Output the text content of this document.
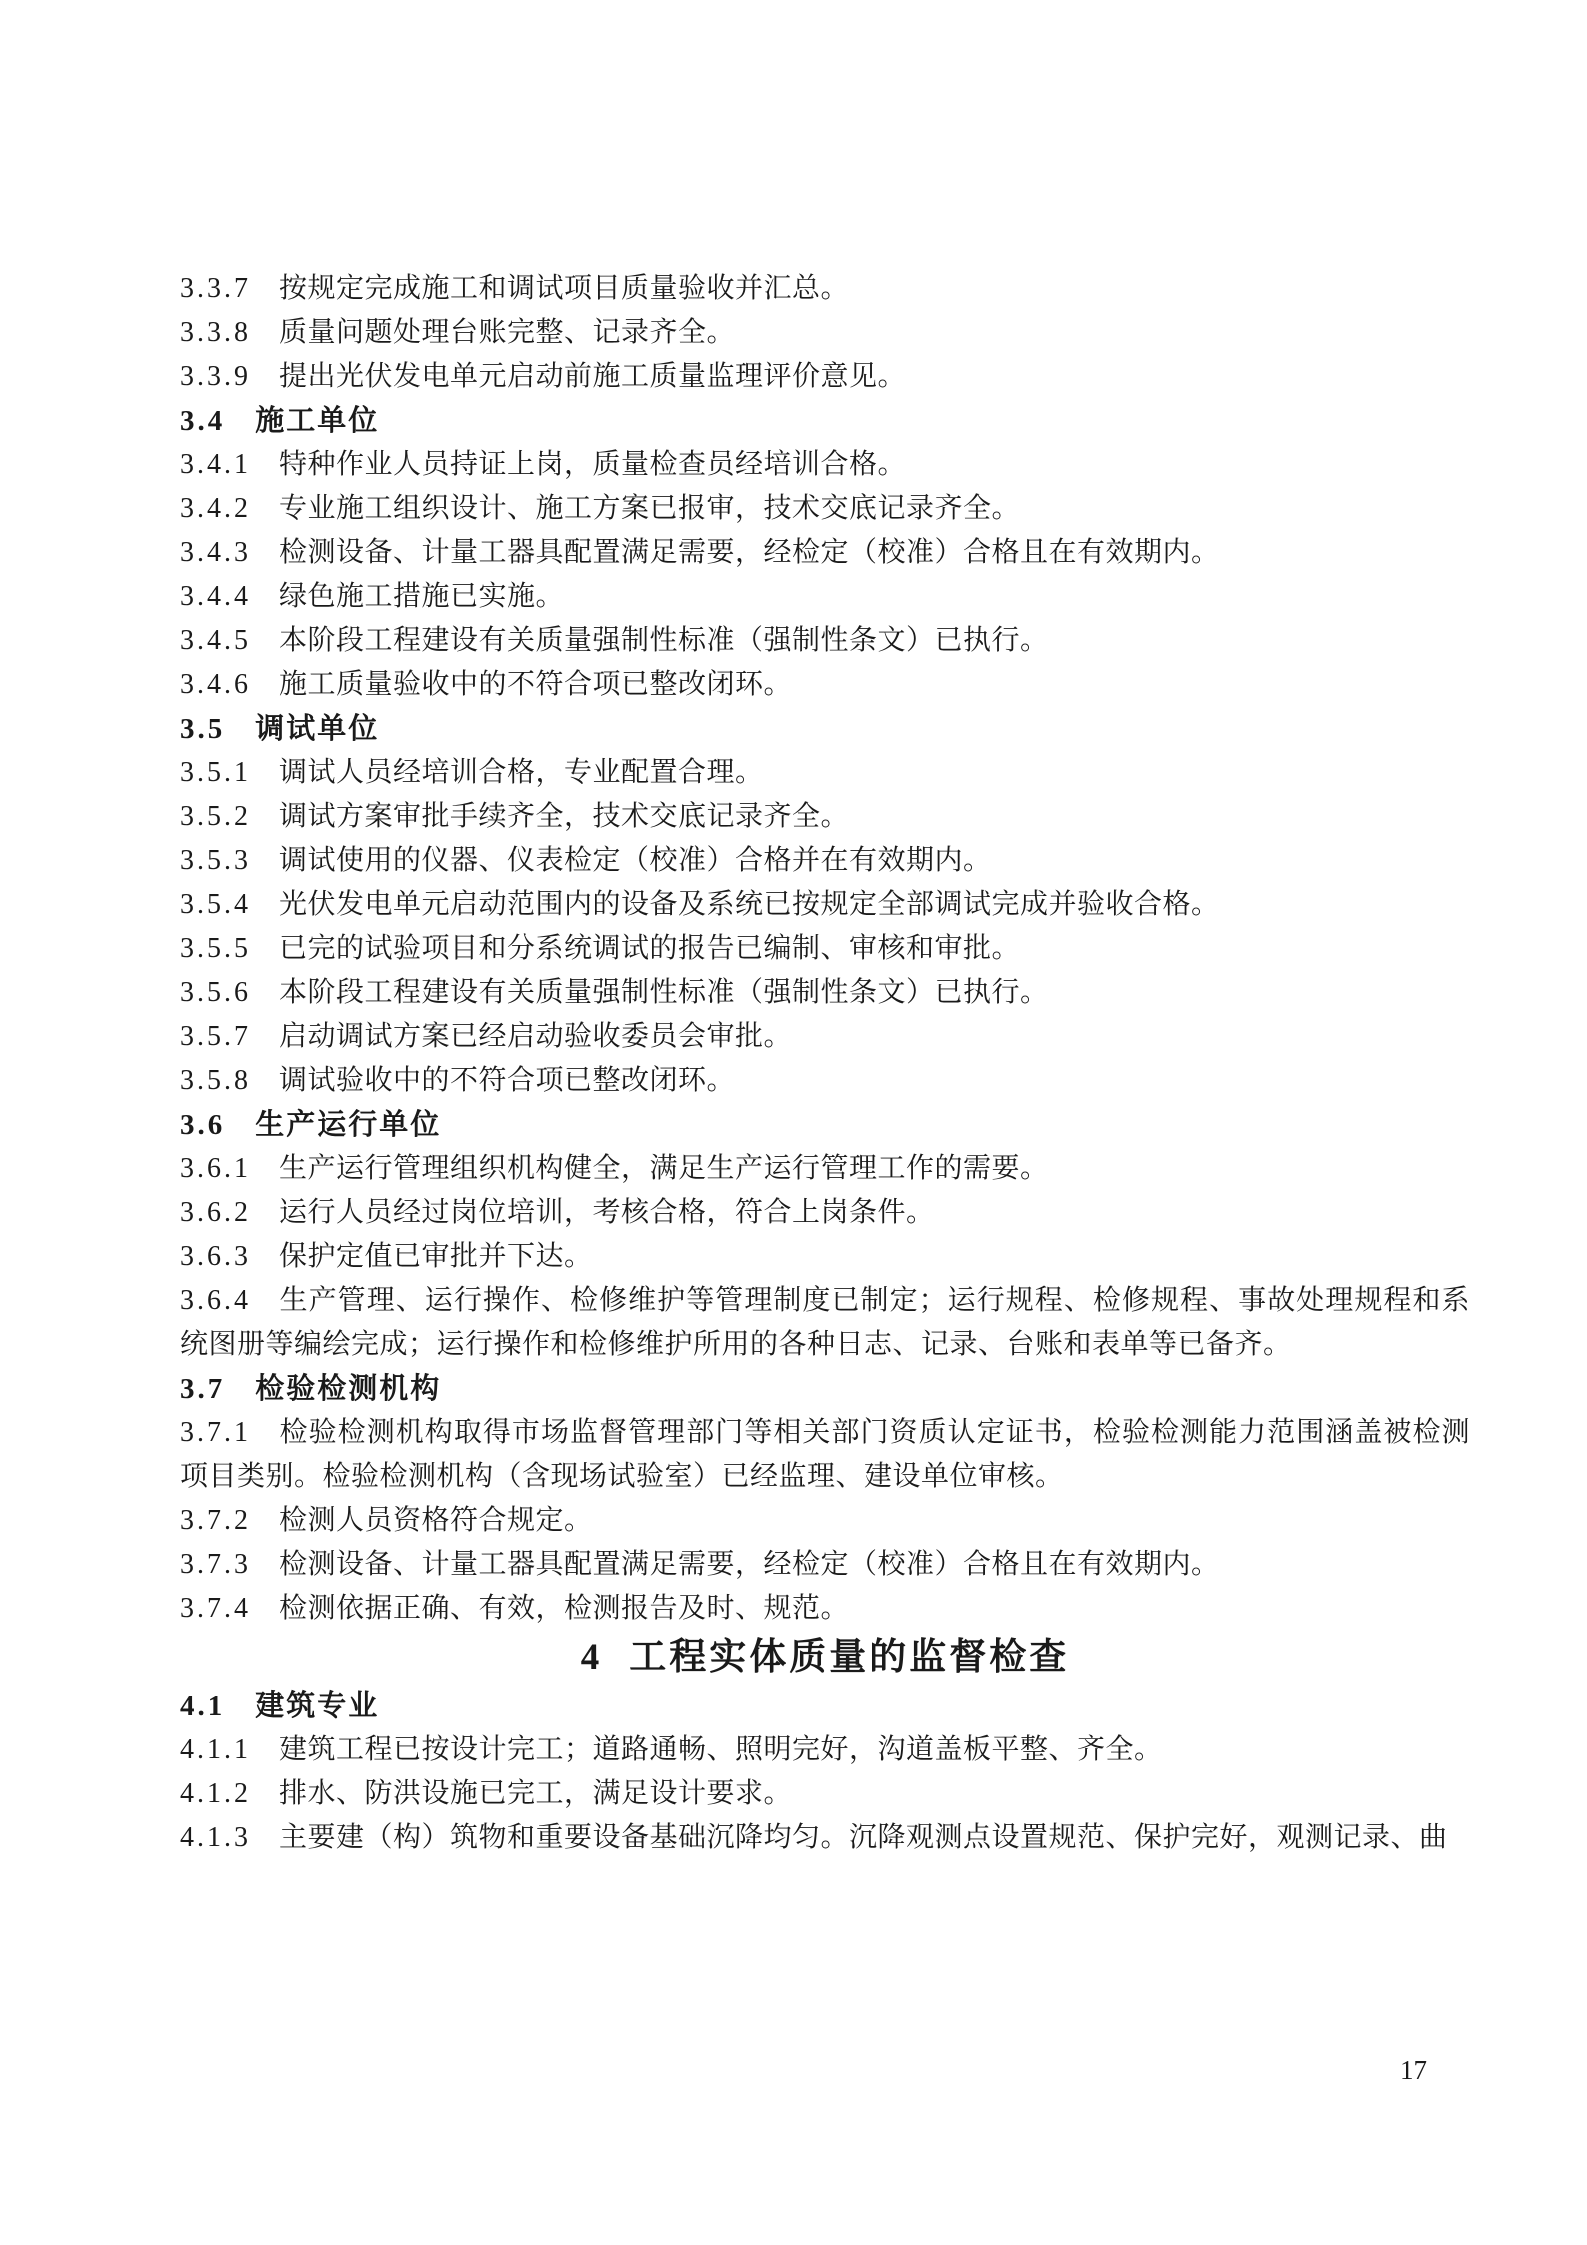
3.3.7 按规定完成施工和调试项目质量验收并汇总。

3.3.8 质量问题处理台账完整、记录齐全。

3.3.9 提出光伏发电单元启动前施工质量监理评价意见。

3.4 施工单位

3.4.1 特种作业人员持证上岗，质量检查员经培训合格。

3.4.2 专业施工组织设计、施工方案已报审，技术交底记录齐全。

3.4.3 检测设备、计量工器具配置满足需要，经检定（校准）合格且在有效期内。

3.4.4 绿色施工措施已实施。

3.4.5 本阶段工程建设有关质量强制性标准（强制性条文）已执行。

3.4.6 施工质量验收中的不符合项已整改闭环。

3.5 调试单位

3.5.1 调试人员经培训合格，专业配置合理。

3.5.2 调试方案审批手续齐全，技术交底记录齐全。

3.5.3 调试使用的仪器、仪表检定（校准）合格并在有效期内。

3.5.4 光伏发电单元启动范围内的设备及系统已按规定全部调试完成并验收合格。

3.5.5 已完的试验项目和分系统调试的报告已编制、审核和审批。

3.5.6 本阶段工程建设有关质量强制性标准（强制性条文）已执行。

3.5.7 启动调试方案已经启动验收委员会审批。

3.5.8 调试验收中的不符合项已整改闭环。

3.6 生产运行单位

3.6.1 生产运行管理组织机构健全，满足生产运行管理工作的需要。

3.6.2 运行人员经过岗位培训，考核合格，符合上岗条件。

3.6.3 保护定值已审批并下达。

3.6.4 生产管理、运行操作、检修维护等管理制度已制定；运行规程、检修规程、事故处理规程和系统图册等编绘完成；运行操作和检修维护所用的各种日志、记录、台账和表单等已备齐。

3.7 检验检测机构

3.7.1 检验检测机构取得市场监督管理部门等相关部门资质认定证书，检验检测能力范围涵盖被检测项目类别。检验检测机构（含现场试验室）已经监理、建设单位审核。

3.7.2 检测人员资格符合规定。

3.7.3 检测设备、计量工器具配置满足需要，经检定（校准）合格且在有效期内。

3.7.4 检测依据正确、有效，检测报告及时、规范。

4 工程实体质量的监督检查

4.1 建筑专业

4.1.1 建筑工程已按设计完工；道路通畅、照明完好，沟道盖板平整、齐全。

4.1.2 排水、防洪设施已完工，满足设计要求。

4.1.3 主要建（构）筑物和重要设备基础沉降均匀。沉降观测点设置规范、保护完好，观测记录、曲

17
